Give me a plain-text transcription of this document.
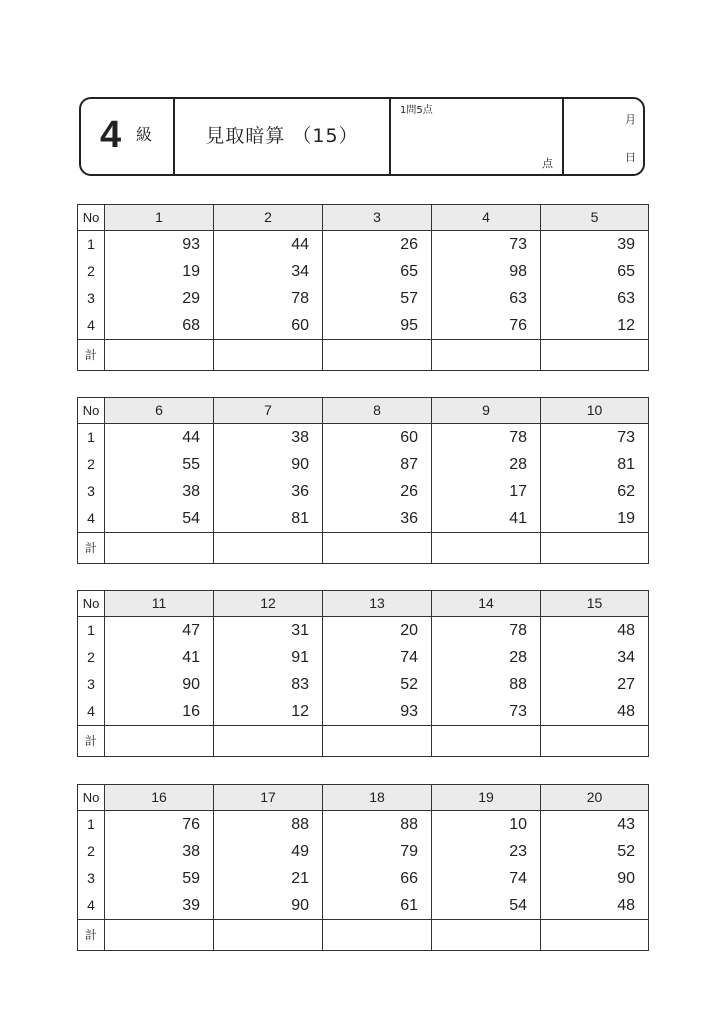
4 級	見取暗算 （15）
1問5点
点
月
日
No	1	2	3	4	5
1	93	44	26	73	39
2	19	34	65	98	65
3	29	78	57	63	63
4	68	60	95	76	12
計					
No	6	7	8	9	10
1	44	38	60	78	73
2	55	90	87	28	81
3	38	36	26	17	62
4	54	81	36	41	19
計					
No	11	12	13	14	15
1	47	31	20	78	48
2	41	91	74	28	34
3	90	83	52	88	27
4	16	12	93	73	48
計					
No	16	17	18	19	20
1	76	88	88	10	43
2	38	49	79	23	52
3	59	21	66	74	90
4	39	90	61	54	48
計					
